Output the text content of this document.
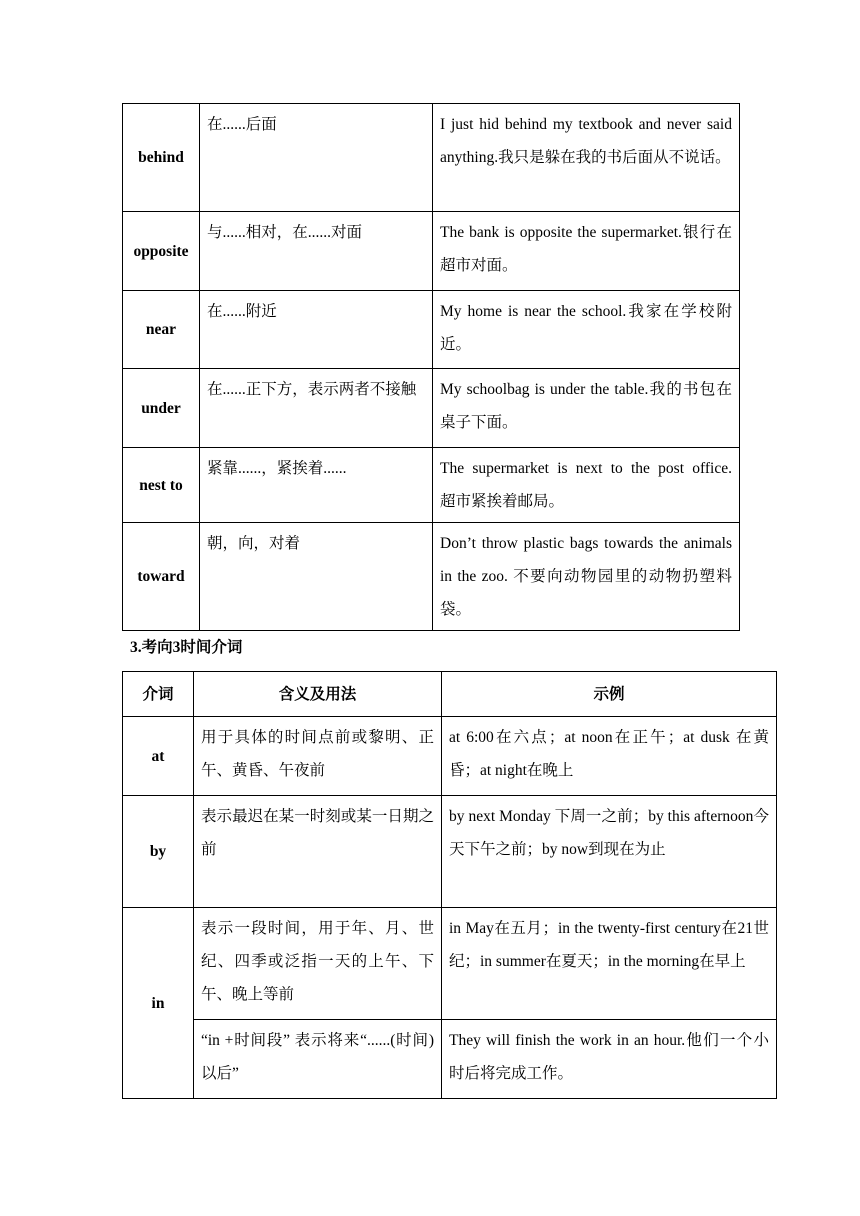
behind	在......后面	I just hid behind my textbook and never said anything.我只是躲在我的书后面从不说话。
opposite	与......相对，在......对面	The bank is opposite the supermarket.银行在超市对面。
near	在......附近	My home is near the school.我家在学校附近。
under	在......正下方，表示两者不接触	My schoolbag is under the table.我的书包在桌子下面。
nest to	紧靠......，紧挨着......	The supermarket is next to the post office.　超市紧挨着邮局。
toward	朝，向，对着	Don’t throw plastic bags towards the animals in the zoo. 不要向动物园里的动物扔塑料袋。
3.考向3时间介词
介词	含义及用法	示例
at	用于具体的时间点前或黎明、正午、黄昏、午夜前	at 6:00在六点；at noon在正午；at dusk 在黄昏；at night在晚上
by	表示最迟在某一时刻或某一日期之前	by next Monday 下周一之前；by this afternoon今天下午之前；by now到现在为止
in	表示一段时间，用于年、月、世纪、四季或泛指一天的上午、下午、晚上等前	in May在五月；in the twenty-first century在21世纪；in summer在夏天；in the morning在早上
	“in +时间段” 表示将来“......(时间)以后”	They will finish the work in an hour.他们一个小时后将完成工作。
